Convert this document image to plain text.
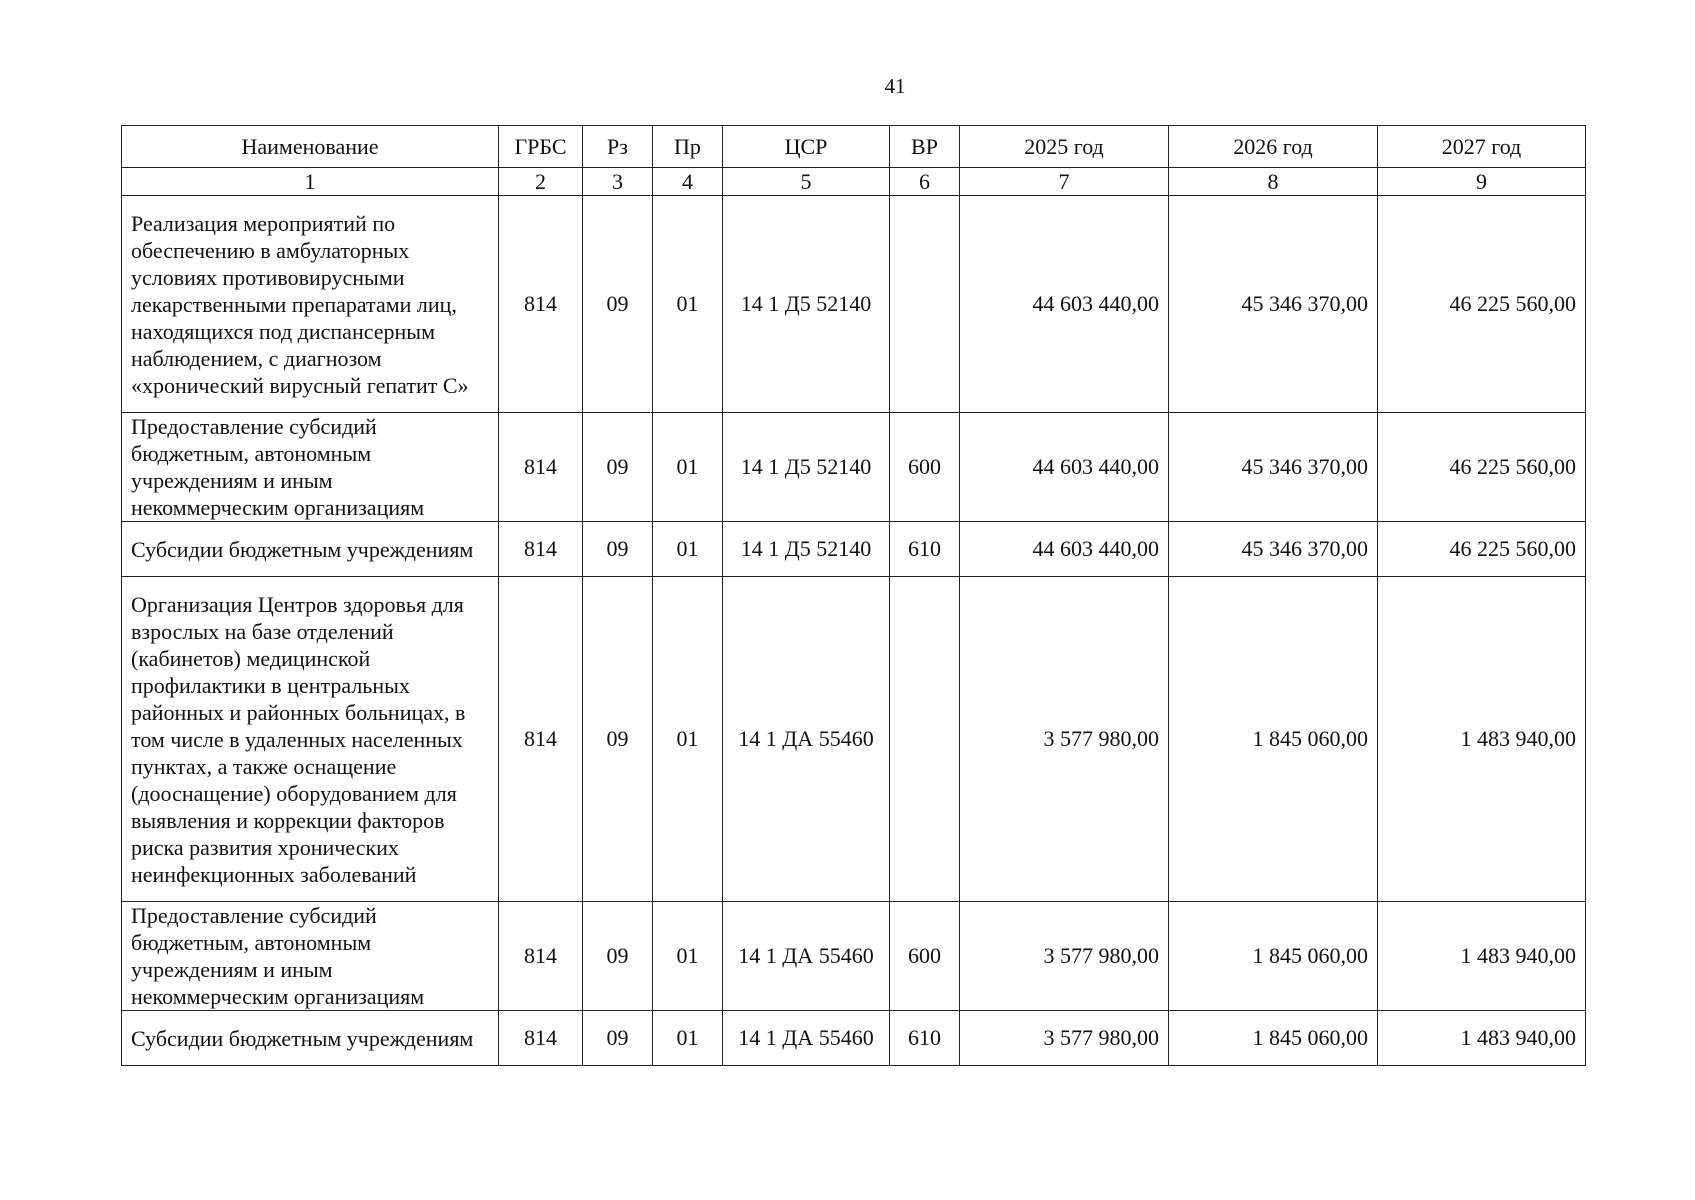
41
Наименование	ГРБС	Рз	Пр	ЦСР	ВР	2025 год	2026 год	2027 год
1	2	3	4	5	6	7	8	9
Реализация мероприятий по обеспечению в амбулаторных условиях противовирусными лекарственными препаратами лиц, находящихся под диспансерным наблюдением, с диагнозом «хронический вирусный гепатит С»	814	09	01	14 1 Д5 52140		44 603 440,00	45 346 370,00	46 225 560,00
Предоставление субсидий бюджетным, автономным учреждениям и иным некоммерческим организациям	814	09	01	14 1 Д5 52140	600	44 603 440,00	45 346 370,00	46 225 560,00
Субсидии бюджетным учреждениям	814	09	01	14 1 Д5 52140	610	44 603 440,00	45 346 370,00	46 225 560,00
Организация Центров здоровья для взрослых на базе отделений (кабинетов) медицинской профилактики в центральных районных и районных больницах, в том числе в удаленных населенных пунктах, а также оснащение (дооснащение) оборудованием для выявления и коррекции факторов риска развития хронических неинфекционных заболеваний	814	09	01	14 1 ДА 55460		3 577 980,00	1 845 060,00	1 483 940,00
Предоставление субсидий бюджетным, автономным учреждениям и иным некоммерческим организациям	814	09	01	14 1 ДА 55460	600	3 577 980,00	1 845 060,00	1 483 940,00
Субсидии бюджетным учреждениям	814	09	01	14 1 ДА 55460	610	3 577 980,00	1 845 060,00	1 483 940,00
